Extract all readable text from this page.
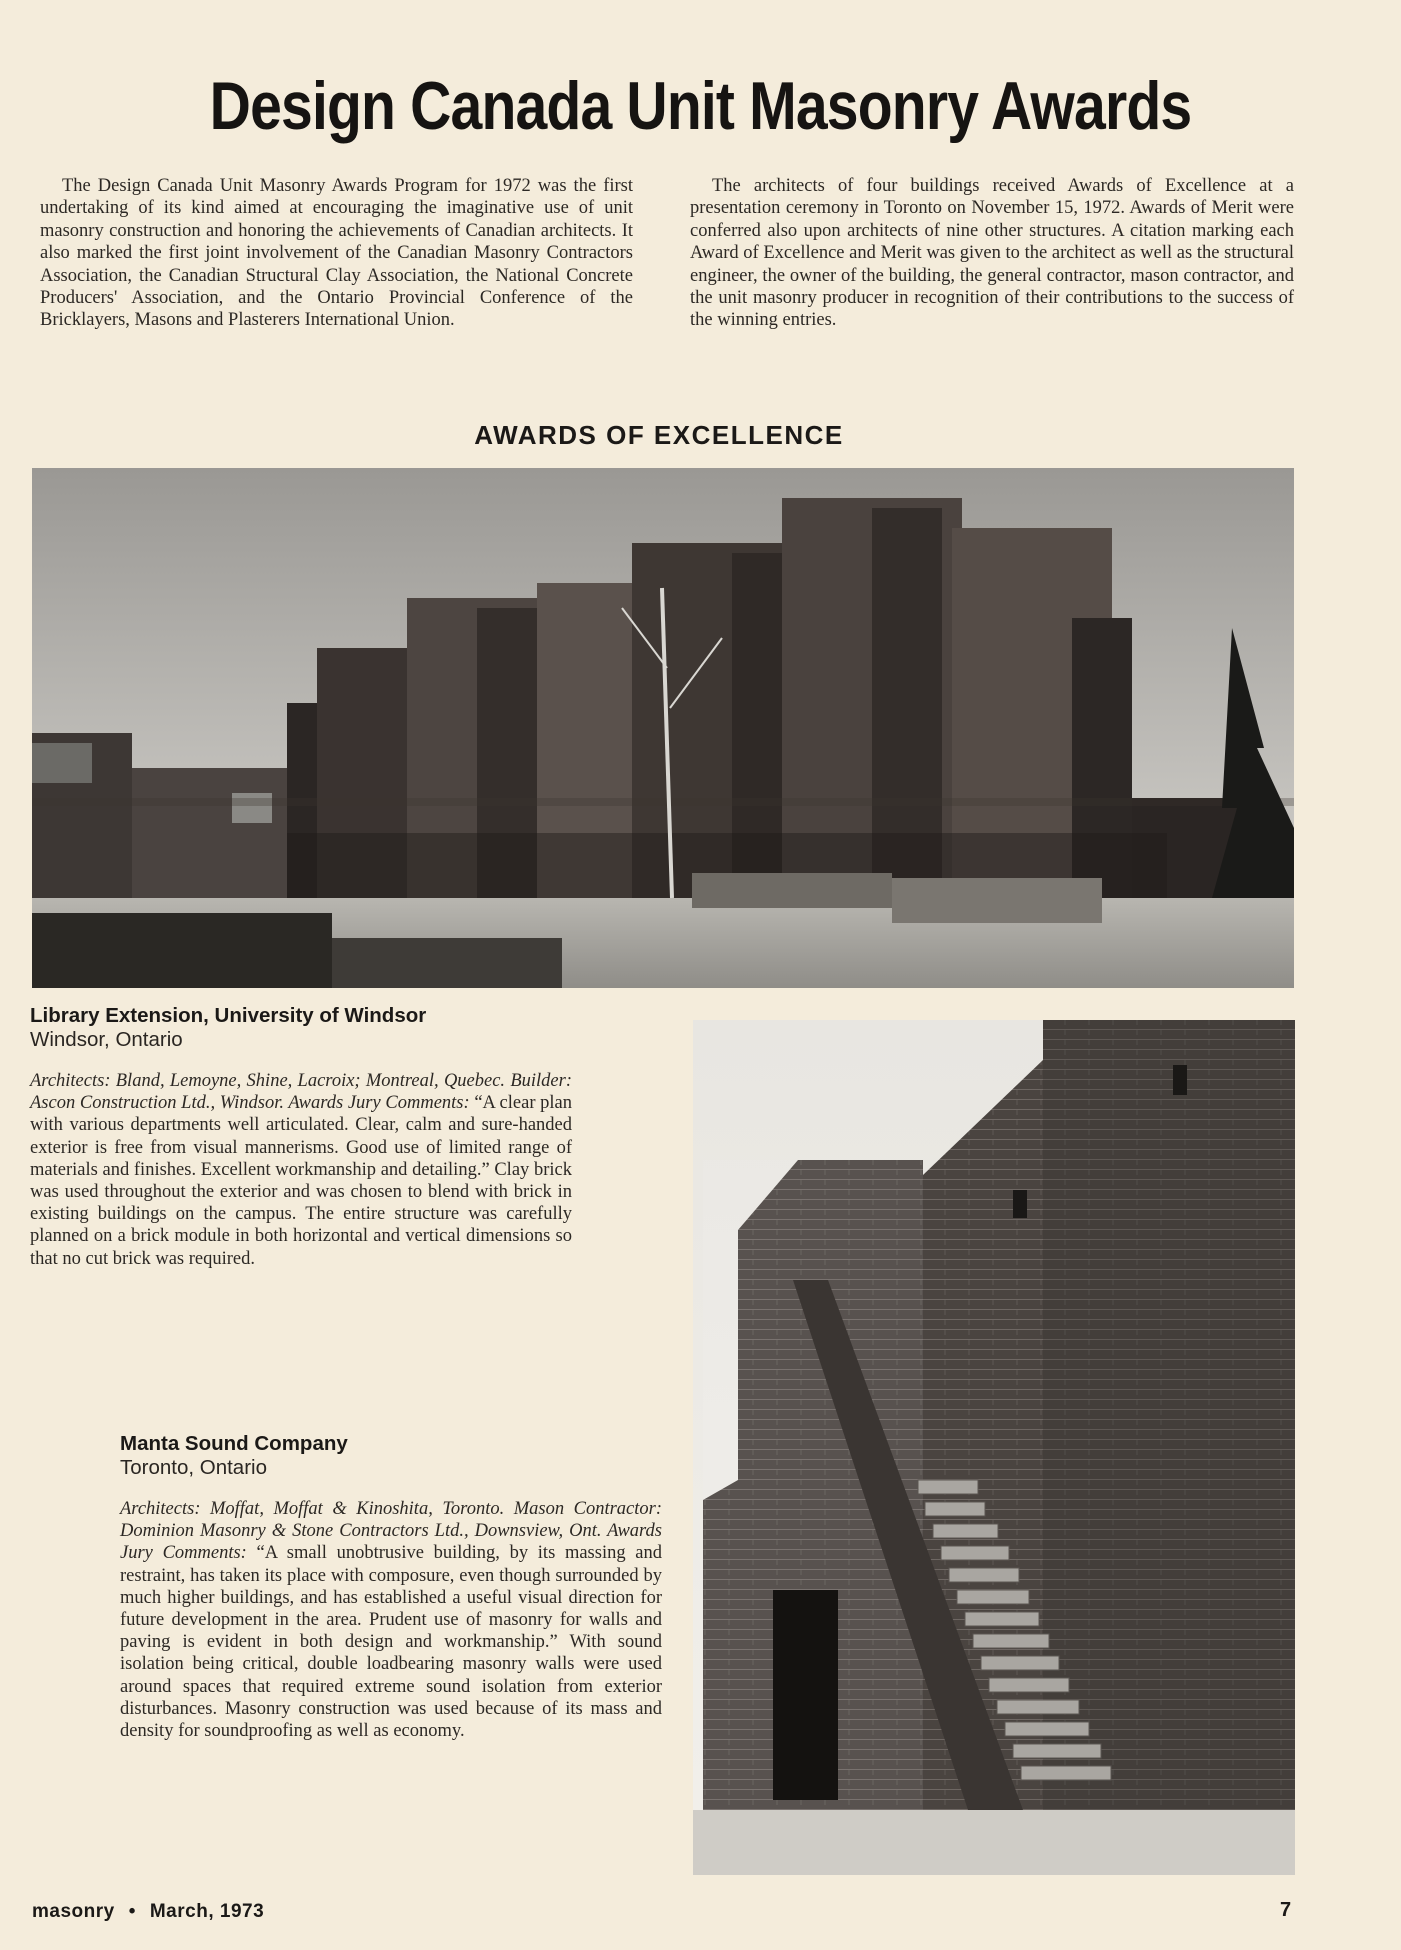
Design Canada Unit Masonry Awards
The Design Canada Unit Masonry Awards Program for 1972 was the first undertaking of its kind aimed at encouraging the imaginative use of unit masonry construction and honoring the achievements of Canadian architects. It also marked the first joint involvement of the Canadian Masonry Contractors Association, the Canadian Structural Clay Association, the National Concrete Producers' Association, and the Ontario Provincial Conference of the Bricklayers, Masons and Plasterers International Union.
The architects of four buildings received Awards of Excellence at a presentation ceremony in Toronto on November 15, 1972. Awards of Merit were conferred also upon architects of nine other structures. A citation marking each Award of Excellence and Merit was given to the architect as well as the structural engineer, the owner of the building, the general contractor, mason contractor, and the unit masonry producer in recognition of their contributions to the success of the winning entries.
AWARDS OF EXCELLENCE
Library Extension, University of Windsor
Windsor, Ontario
Architects: Bland, Lemoyne, Shine, Lacroix; Montreal, Quebec. Builder: Ascon Construction Ltd., Windsor. Awards Jury Comments: “A clear plan with various departments well articulated. Clear, calm and sure-handed exterior is free from visual mannerisms. Good use of limited range of materials and finishes. Excellent workmanship and detailing.” Clay brick was used throughout the exterior and was chosen to blend with brick in existing buildings on the campus. The entire structure was carefully planned on a brick module in both horizontal and vertical dimensions so that no cut brick was required.
Manta Sound Company
Toronto, Ontario
Architects: Moffat, Moffat & Kinoshita, Toronto. Mason Contractor: Dominion Masonry & Stone Contractors Ltd., Downsview, Ont. Awards Jury Comments: “A small unobtrusive building, by its massing and restraint, has taken its place with composure, even though surrounded by much higher buildings, and has established a useful visual direction for future development in the area. Prudent use of masonry for walls and paving is evident in both design and workmanship.” With sound isolation being critical, double loadbearing masonry walls were used around spaces that required extreme sound isolation from exterior disturbances. Masonry construction was used because of its mass and density for soundproofing as well as economy.
masonry • March, 1973	7
